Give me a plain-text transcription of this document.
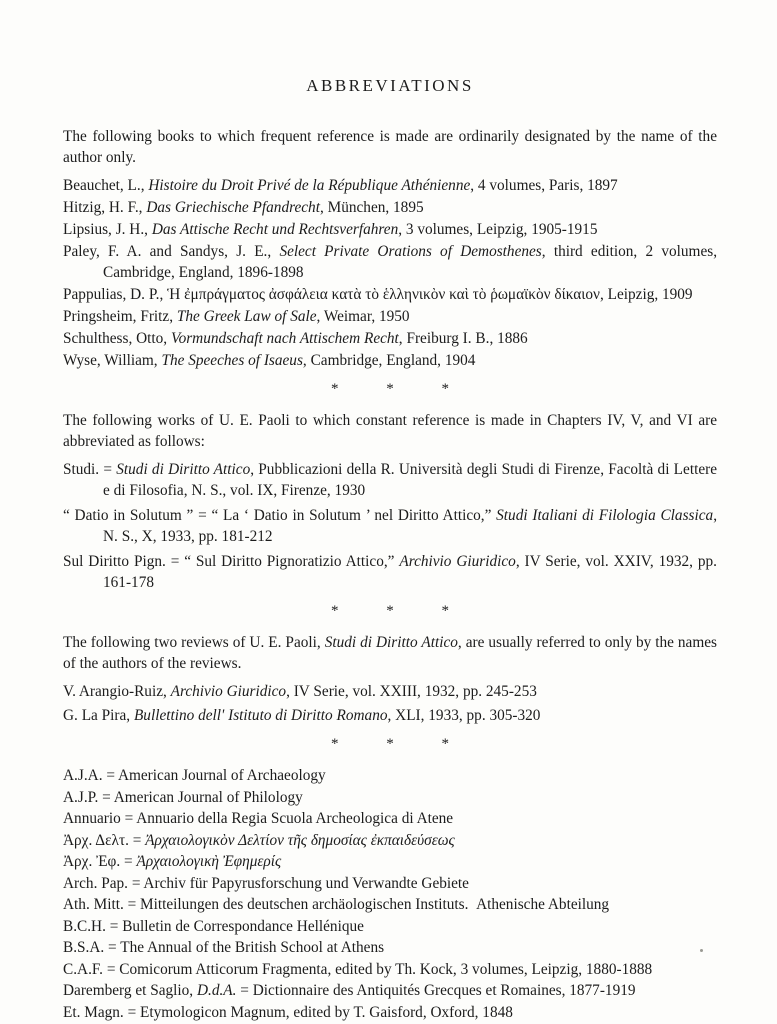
ABBREVIATIONS

The following books to which frequent reference is made are ordinarily designated by the name of the author only.

Beauchet, L., Histoire du Droit Privé de la République Athénienne, 4 volumes, Paris, 1897
Hitzig, H. F., Das Griechische Pfandrecht, München, 1895
Lipsius, J. H., Das Attische Recht und Rechtsverfahren, 3 volumes, Leipzig, 1905-1915
Paley, F. A. and Sandys, J. E., Select Private Orations of Demosthenes, third edition, 2 volumes, Cambridge, England, 1896-1898
Pappulias, D. P., Ἡ ἐμπράγματος ἀσφάλεια κατὰ τὸ ἑλληνικὸν καὶ τὸ ῥωμαϊκὸν δίκαιον, Leipzig, 1909
Pringsheim, Fritz, The Greek Law of Sale, Weimar, 1950
Schulthess, Otto, Vormundschaft nach Attischem Recht, Freiburg I. B., 1886
Wyse, William, The Speeches of Isaeus, Cambridge, England, 1904
* * *

The following works of U. E. Paoli to which constant reference is made in Chapters IV, V, and VI are abbreviated as follows:

Studi. = Studi di Diritto Attico, Pubblicazioni della R. Università degli Studi di Firenze, Facoltà di Lettere e di Filosofia, N. S., vol. IX, Firenze, 1930
“ Datio in Solutum ” = “ La ‘ Datio in Solutum ’ nel Diritto Attico,” Studi Italiani di Filologia Classica, N. S., X, 1933, pp. 181-212
Sul Diritto Pign. = “ Sul Diritto Pignoratizio Attico,” Archivio Giuridico, IV Serie, vol. XXIV, 1932, pp. 161-178
* * *

The following two reviews of U. E. Paoli, Studi di Diritto Attico, are usually referred to only by the names of the authors of the reviews.

V. Arangio-Ruiz, Archivio Giuridico, IV Serie, vol. XXIII, 1932, pp. 245-253
G. La Pira, Bullettino dell' Istituto di Diritto Romano, XLI, 1933, pp. 305-320
* * *
A.J.A. = American Journal of Archaeology
A.J.P. = American Journal of Philology
Annuario = Annuario della Regia Scuola Archeologica di Atene
Ἀρχ. Δελτ. = Ἀρχαιολογικὸν Δελτίον τῆς δημοσίας ἐκπαιδεύσεως
Ἀρχ. Ἐφ. = Ἀρχαιολογικὴ Ἐφημερίς
Arch. Pap. = Archiv für Papyrusforschung und Verwandte Gebiete
Ath. Mitt. = Mitteilungen des deutschen archäologischen Instituts. Athenische Abteilung
B.C.H. = Bulletin de Correspondance Hellénique
B.S.A. = The Annual of the British School at Athens
C.A.F. = Comicorum Atticorum Fragmenta, edited by Th. Kock, 3 volumes, Leipzig, 1880-1888
Daremberg et Saglio, D.d.A. = Dictionnaire des Antiquités Grecques et Romaines, 1877-1919
Et. Magn. = Etymologicon Magnum, edited by T. Gaisford, Oxford, 1848
